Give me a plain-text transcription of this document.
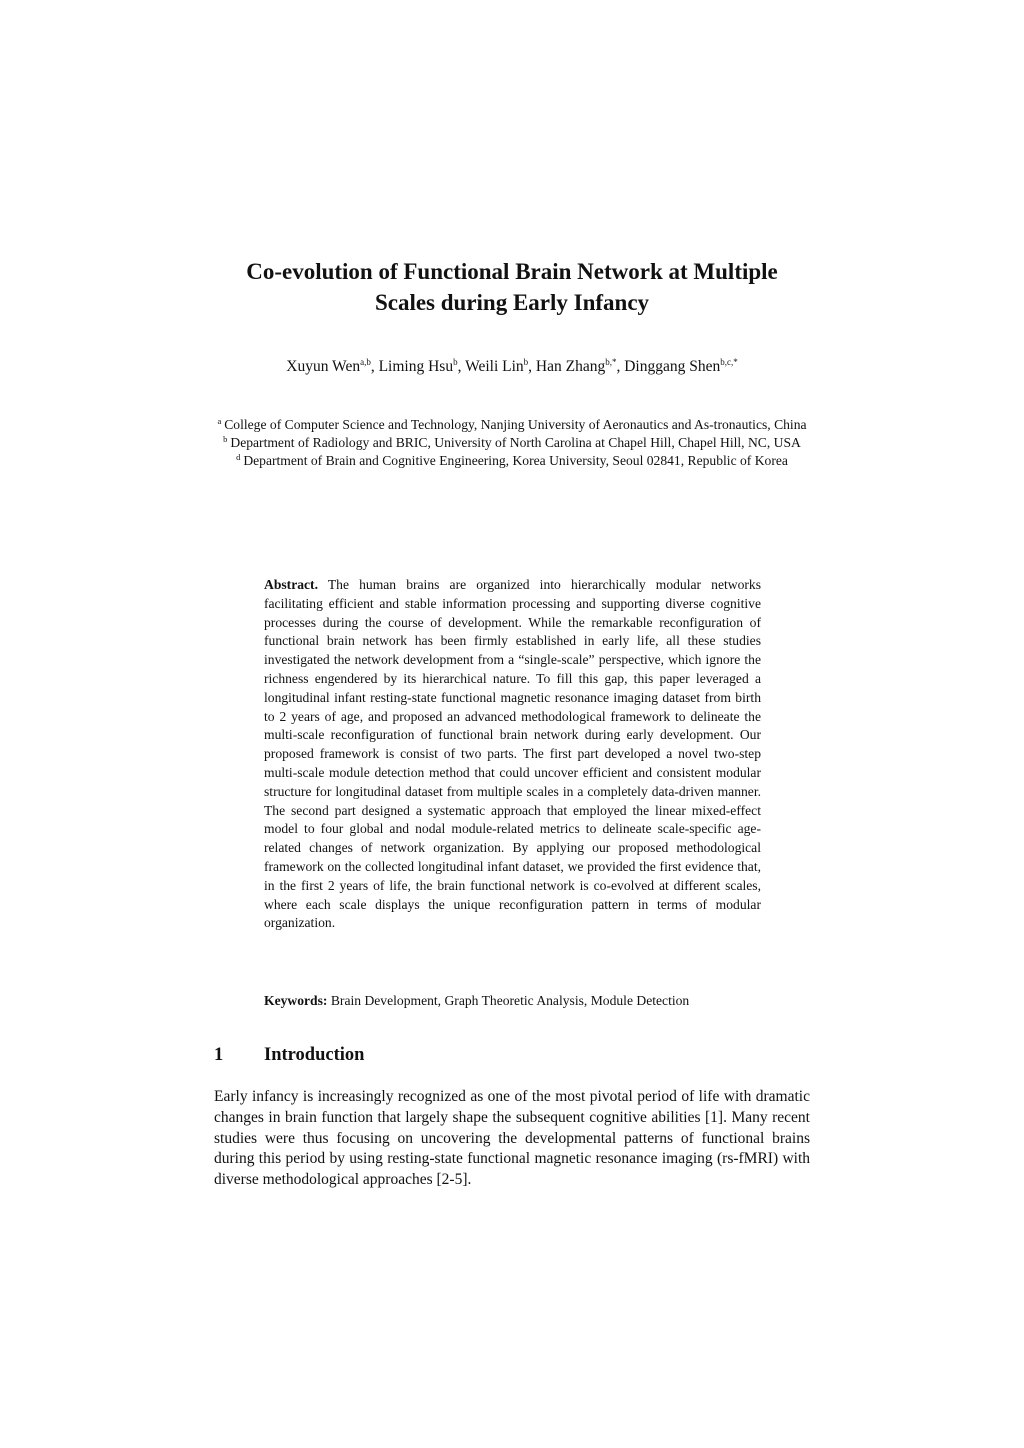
Co-evolution of Functional Brain Network at Multiple
Scales during Early Infancy
Xuyun Wen$^{a,b}$, Liming Hsu$^b$, Weili Lin$^b$, Han Zhang$^{b,*}$, Dinggang Shen$^{b,c,*}$

$^a$ College of Computer Science and Technology, Nanjing University of Aeronautics and As-tronautics, China

$^b$ Department of Radiology and BRIC, University of North Carolina at Chapel Hill, Chapel Hill, NC, USA

$^d$ Department of Brain and Cognitive Engineering, Korea University, Seoul 02841, Republic of Korea

Abstract. The human brains are organized into hierarchically modular networks facilitating efficient and stable information processing and supporting diverse cognitive processes during the course of development. While the remarkable reconfiguration of functional brain network has been firmly established in early life, all these studies investigated the network development from a “single-scale” perspective, which ignore the richness engendered by its hierarchical nature. To fill this gap, this paper leveraged a longitudinal infant resting-state functional magnetic resonance imaging dataset from birth to 2 years of age, and proposed an advanced methodological framework to delineate the multi-scale reconfiguration of functional brain network during early development. Our proposed framework is consist of two parts. The first part developed a novel two-step multi-scale module detection method that could uncover efficient and consistent modular structure for longitudinal dataset from multiple scales in a completely data-driven manner. The second part designed a systematic approach that employed the linear mixed-effect model to four global and nodal module-related metrics to delineate scale-specific age-related changes of network organization. By applying our proposed methodological framework on the collected longitudinal infant dataset, we provided the first evidence that, in the first 2 years of life, the brain functional network is co-evolved at different scales, where each scale displays the unique reconfiguration pattern in terms of modular organization.

Keywords: Brain Development, Graph Theoretic Analysis, Module Detection

1 Introduction

Early infancy is increasingly recognized as one of the most pivotal period of life with dramatic changes in brain function that largely shape the subsequent cognitive abilities [1]. Many recent studies were thus focusing on uncovering the developmental patterns of functional brains during this period by using resting-state functional magnetic resonance imaging (rs-fMRI) with diverse methodological approaches [2-5].
